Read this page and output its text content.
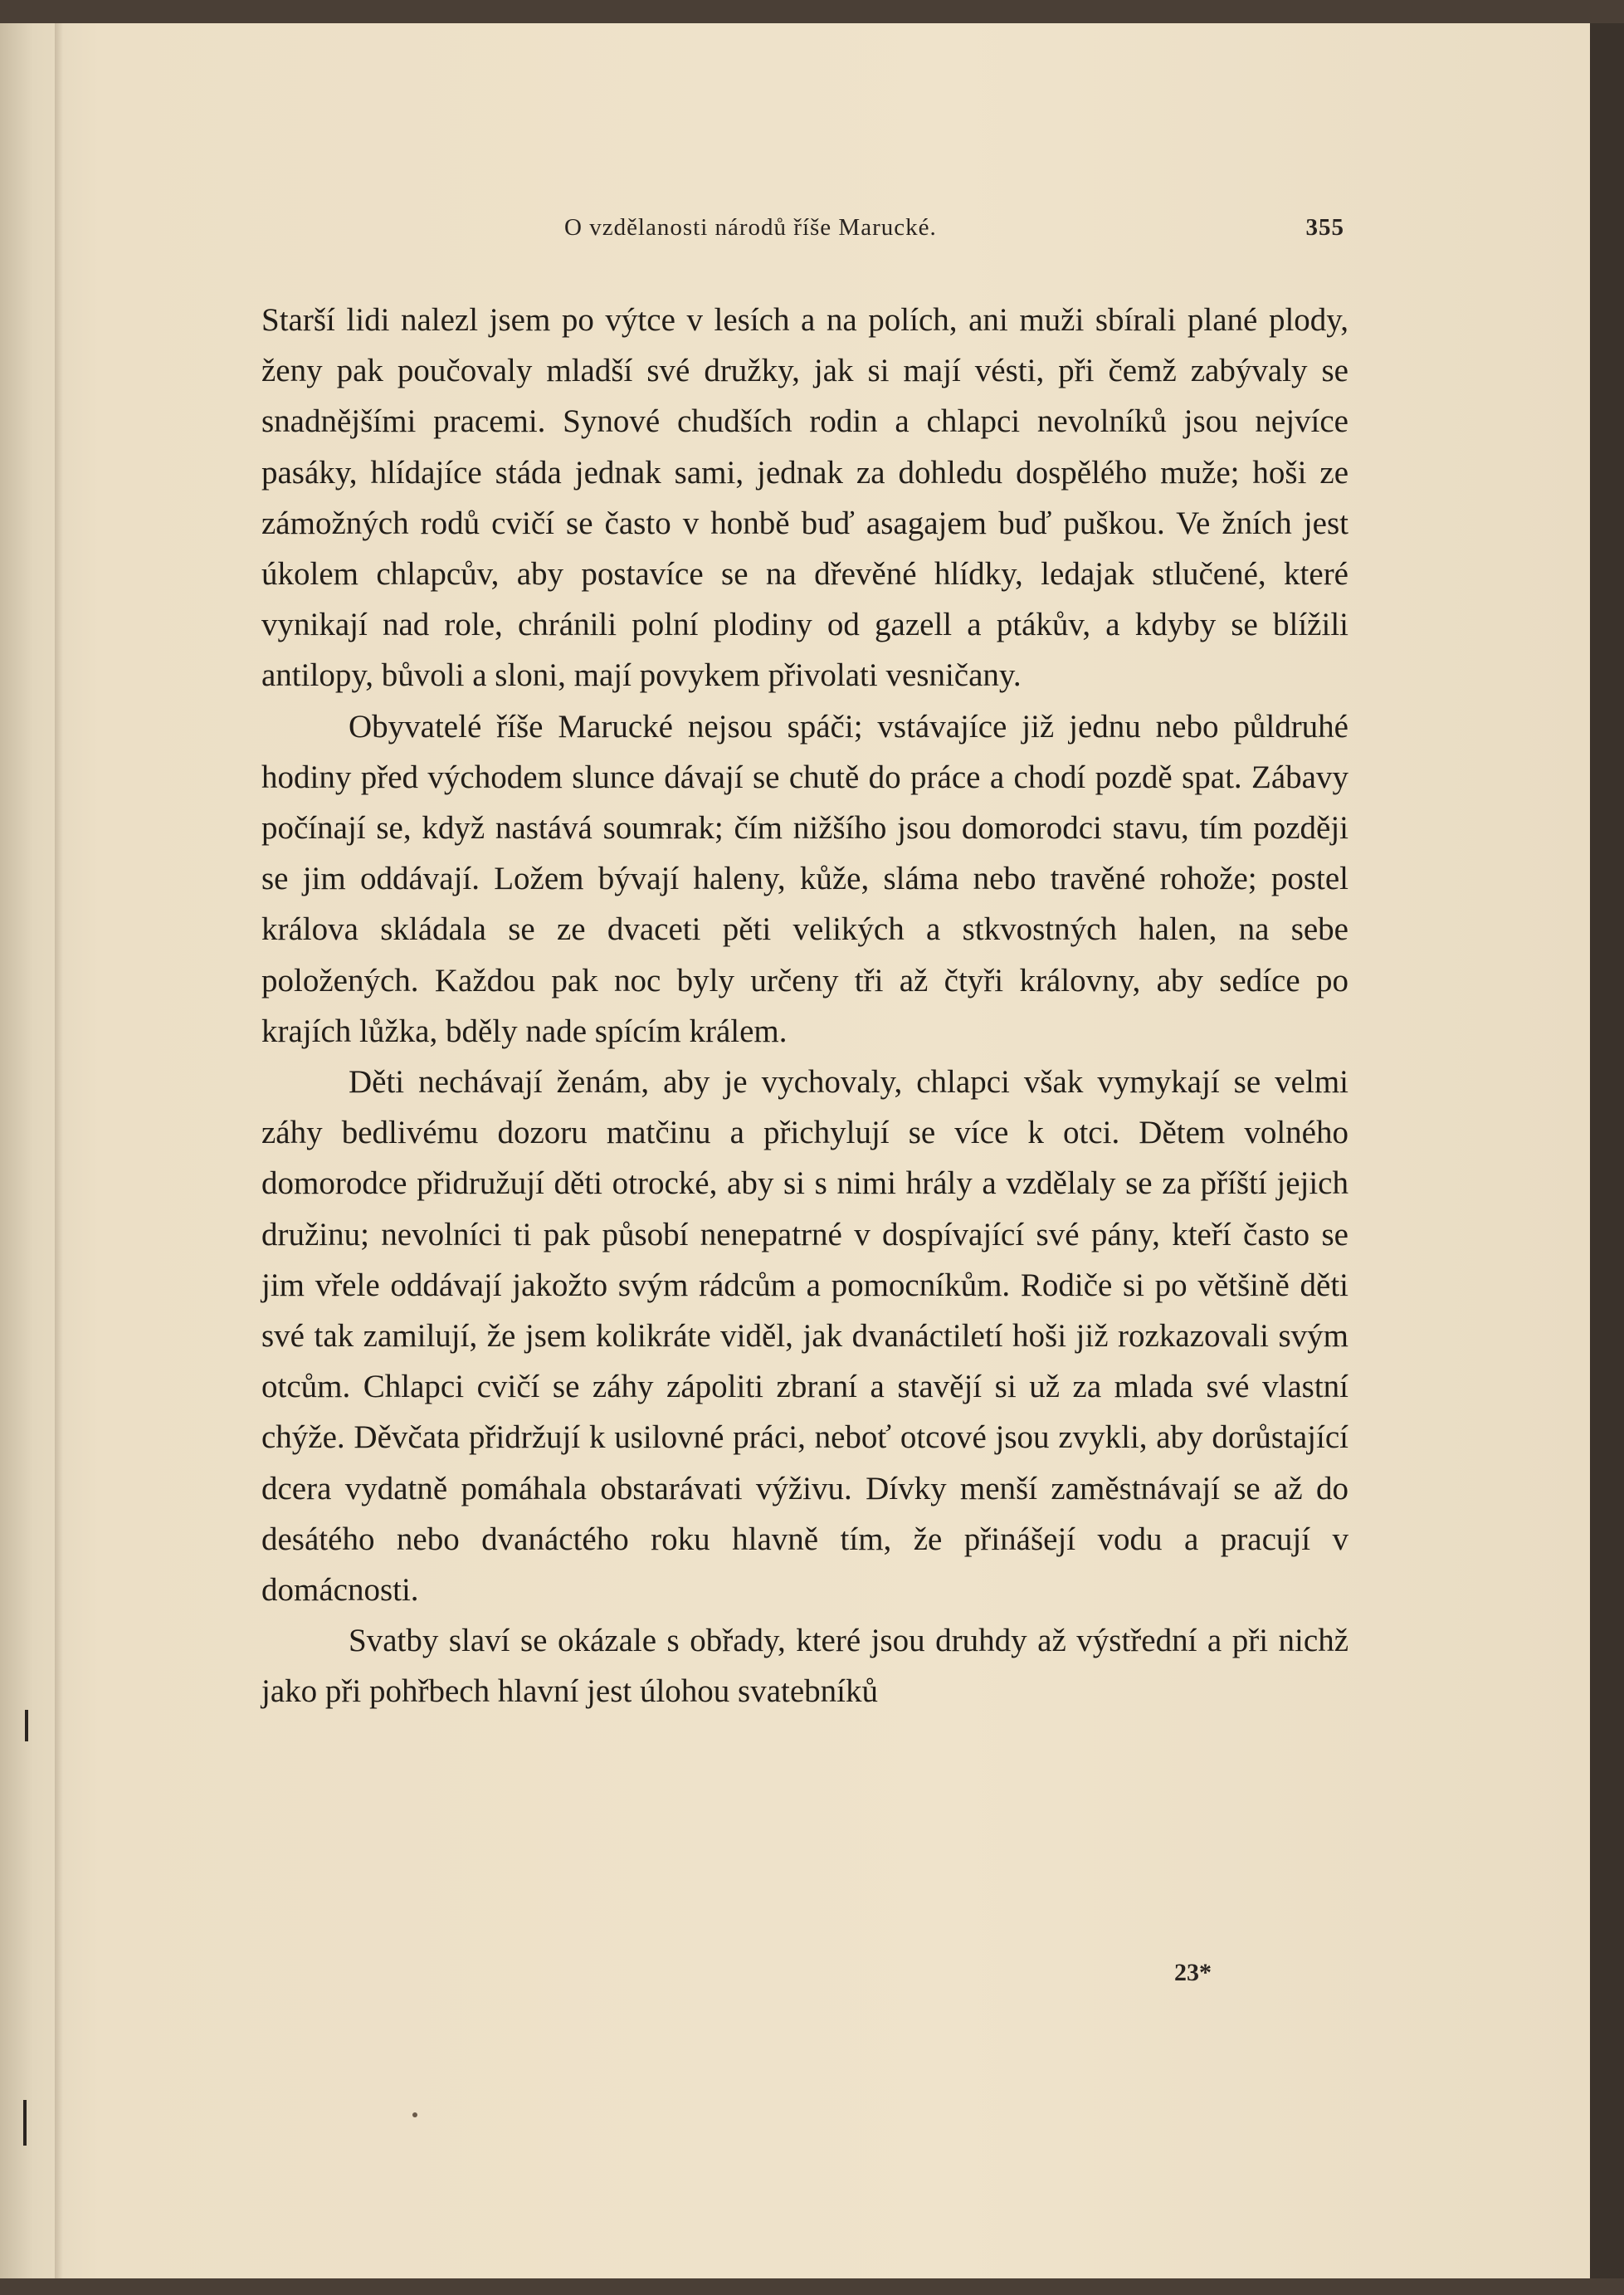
O vzdělanosti národů říše Marucké.	355

Starší lidi nalezl jsem po výtce v lesích a na polích, ani muži sbírali plané plody, ženy pak poučovaly mladší své družky, jak si mají vésti, při čemž zabývaly se snadnějšími pracemi. Synové chudších rodin a chlapci nevolníků jsou nejvíce pasáky, hlídajíce stáda jednak sami, jednak za dohledu dospělého muže; hoši ze zámožných rodů cvičí se často v honbě buď asagajem buď puškou. Ve žních jest úkolem chlapcův, aby postavíce se na dřevěné hlídky, ledajak stlučené, které vynikají nad role, chránili polní plodiny od gazell a ptákův, a kdyby se blížili antilopy, bůvoli a sloni, mají povykem přivolati vesničany.

Obyvatelé říše Marucké nejsou spáči; vstávajíce již jednu nebo půldruhé hodiny před východem slunce dávají se chutě do práce a chodí pozdě spat. Zábavy počínají se, když nastává soumrak; čím nižšího jsou domorodci stavu, tím později se jim oddávají. Ložem bývají haleny, kůže, sláma nebo travěné rohože; postel králova skládala se ze dvaceti pěti velikých a stkvostných halen, na sebe položených. Každou pak noc byly určeny tři až čtyři královny, aby sedíce po krajích lůžka, bděly nade spícím králem.

Děti nechávají ženám, aby je vychovaly, chlapci však vymykají se velmi záhy bedlivému dozoru matčinu a přichylují se více k otci. Dětem volného domorodce přidružují děti otrocké, aby si s nimi hrály a vzdělaly se za příští jejich družinu; nevolníci ti pak působí nenepatrné v dospívající své pány, kteří často se jim vřele oddávají jakožto svým rádcům a pomocníkům. Rodiče si po většině děti své tak zamilují, že jsem kolikráte viděl, jak dvanáctiletí hoši již rozkazovali svým otcům. Chlapci cvičí se záhy zápoliti zbraní a stavějí si už za mlada své vlastní chýže. Děvčata přidržují k usilovné práci, neboť otcové jsou zvykli, aby dorůstající dcera vydatně pomáhala obstarávati výživu. Dívky menší zaměstnávají se až do desátého nebo dvanáctého roku hlavně tím, že přinášejí vodu a pracují v domácnosti.

Svatby slaví se okázale s obřady, které jsou druhdy až výstřední a při nichž jako při pohřbech hlavní jest úlohou svatebníků

23*
